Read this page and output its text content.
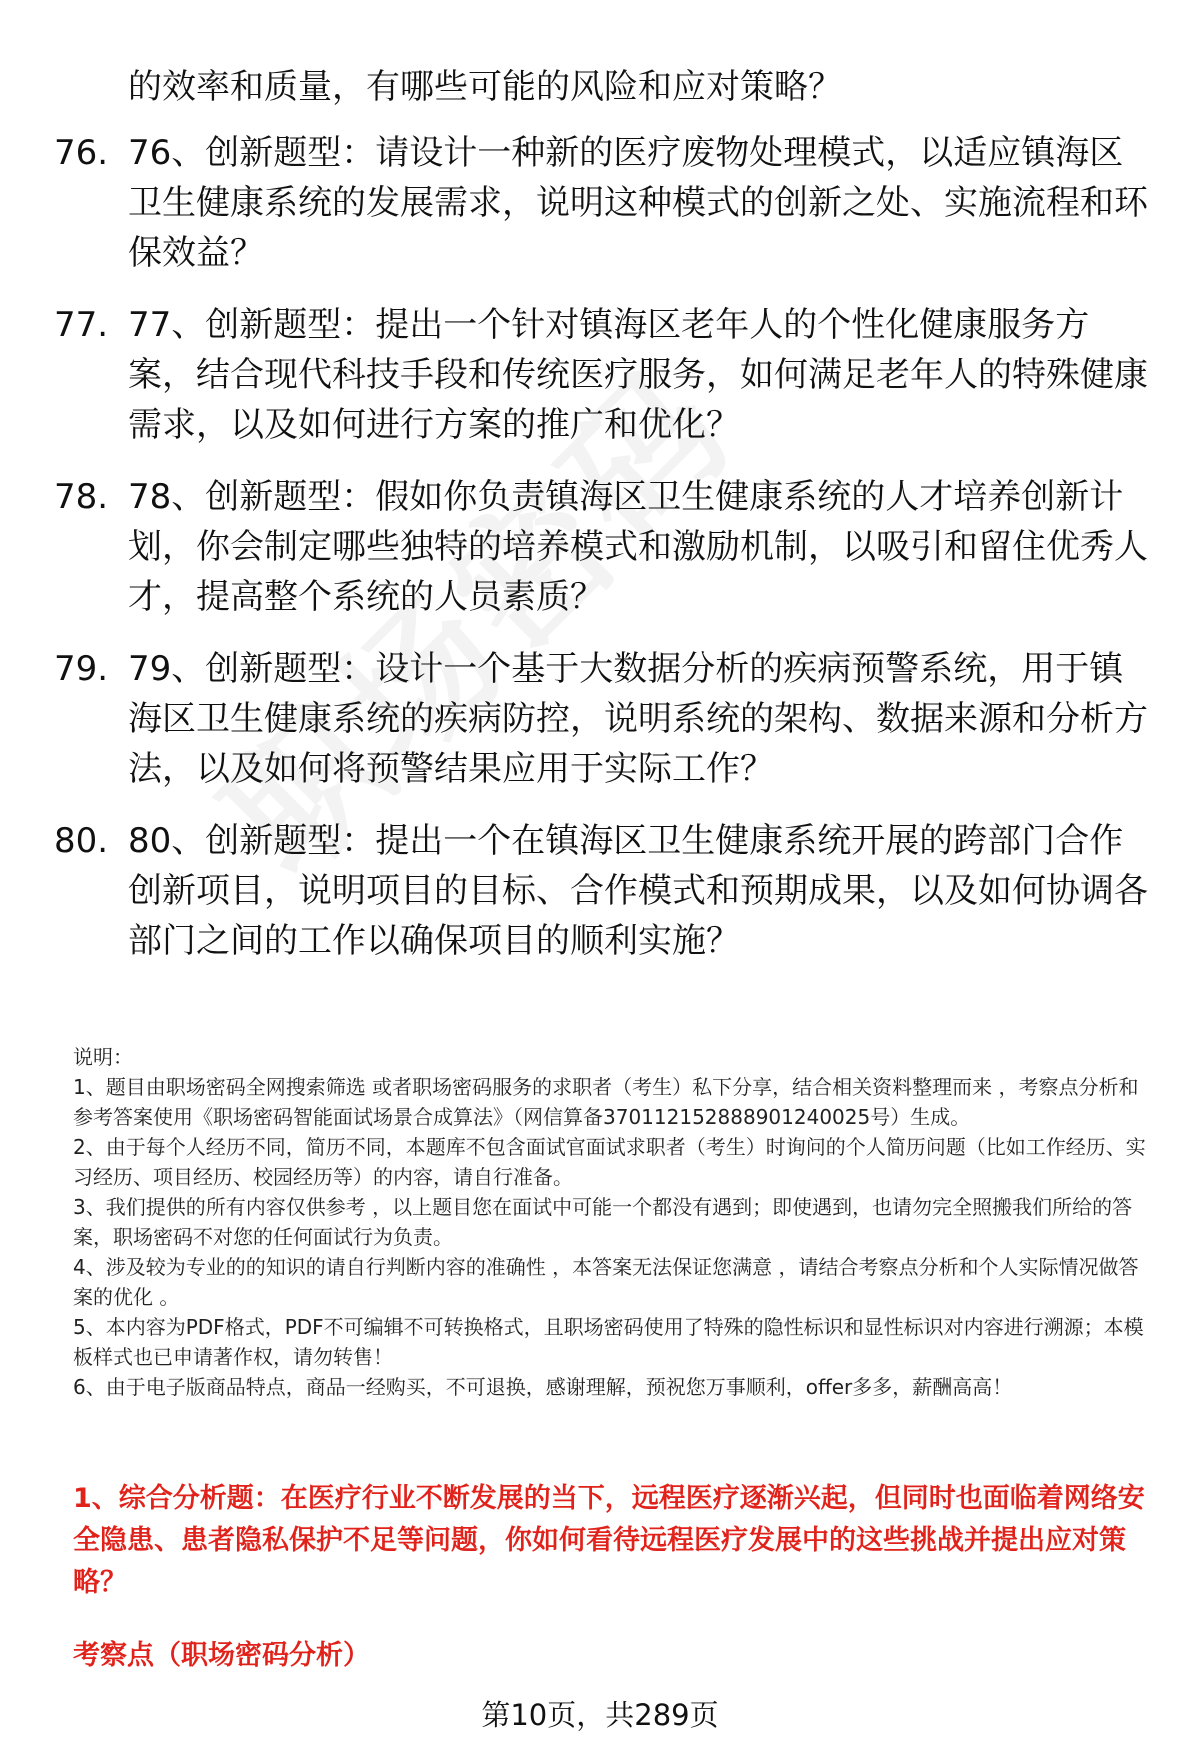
的效率和质量，有哪些可能的风险和应对策略？
76. 76、创新题型：请设计一种新的医疗废物处理模式，以适应镇海区卫生健康系统的发展需求，说明这种模式的创新之处、实施流程和环保效益？
77. 77、创新题型：提出一个针对镇海区老年人的个性化健康服务方案，结合现代科技手段和传统医疗服务，如何满足老年人的特殊健康需求，以及如何进行方案的推广和优化？
78. 78、创新题型：假如你负责镇海区卫生健康系统的人才培养创新计划，你会制定哪些独特的培养模式和激励机制，以吸引和留住优秀人才，提高整个系统的人员素质？
79. 79、创新题型：设计一个基于大数据分析的疾病预警系统，用于镇海区卫生健康系统的疾病防控，说明系统的架构、数据来源和分析方法，以及如何将预警结果应用于实际工作？
80. 80、创新题型：提出一个在镇海区卫生健康系统开展的跨部门合作创新项目，说明项目的目标、合作模式和预期成果，以及如何协调各部门之间的工作以确保项目的顺利实施？

说明：

1、题目由职场密码全网搜索筛选 或者职场密码服务的求职者（考生）私下分享，结合相关资料整理而来 ，考察点分析和参考答案使用《职场密码智能面试场景合成算法》（网信算备370112152888901240025号）生成。

2、由于每个人经历不同，简历不同，本题库不包含面试官面试求职者（考生）时询问的个人简历问题（比如工作经历、实习经历、项目经历、校园经历等）的内容，请自行准备。

3、我们提供的所有内容仅供参考 ，以上题目您在面试中可能一个都没有遇到；即使遇到，也请勿完全照搬我们所给的答案，职场密码不对您的任何面试行为负责。

4、涉及较为专业的的知识的请自行判断内容的准确性 ，本答案无法保证您满意 ，请结合考察点分析和个人实际情况做答案的优化 。

5、本内容为PDF格式，PDF不可编辑不可转换格式，且职场密码使用了特殊的隐性标识和显性标识对内容进行溯源；本模板样式也已申请著作权，请勿转售！

6、由于电子版商品特点，商品一经购买，不可退换，感谢理解，预祝您万事顺利，offer多多，薪酬高高！

1、综合分析题：在医疗行业不断发展的当下，远程医疗逐渐兴起，但同时也面临着网络安全隐患、患者隐私保护不足等问题，你如何看待远程医疗发展中的这些挑战并提出应对策略？
考察点（职场密码分析）
第10页，共289页
